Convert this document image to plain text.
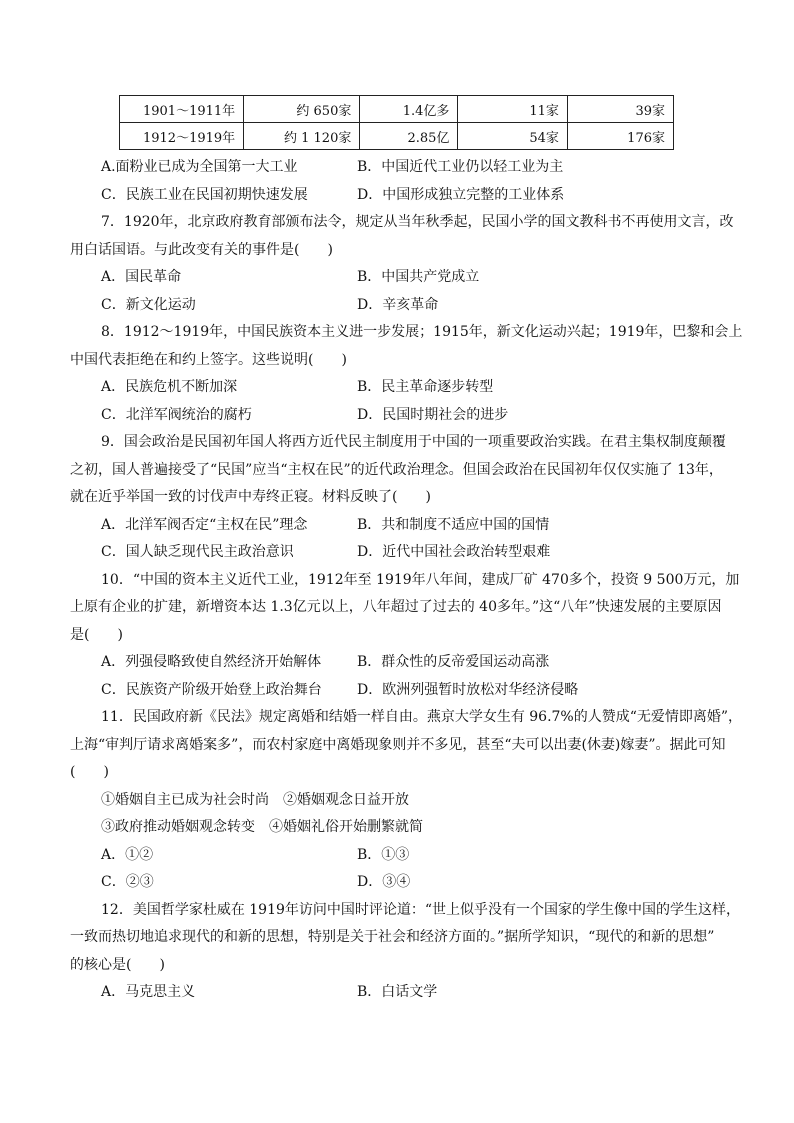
1901～1911年	约 650家	1.4亿多	11家	39家
1912～1919年	约 1 120家	2.85亿	54家	176家
A.面粉业已成为全国第一大工业	B．中国近代工业仍以轻工业为主
C．民族工业在民国初期快速发展	D．中国形成独立完整的工业体系
7．1920年，北京政府教育部颁布法令，规定从当年秋季起，民国小学的国文教科书不再使用文言，改
用白话国语。与此改变有关的事件是(　　)
A．国民革命	B．中国共产党成立
C．新文化运动	D．辛亥革命
8．1912～1919年，中国民族资本主义进一步发展；1915年，新文化运动兴起；1919年，巴黎和会上
中国代表拒绝在和约上签字。这些说明(　　)
A．民族危机不断加深	B．民主革命逐步转型
C．北洋军阀统治的腐朽	D．民国时期社会的进步
9．国会政治是民国初年国人将西方近代民主制度用于中国的一项重要政治实践。在君主集权制度颠覆
之初，国人普遍接受了“民国”应当“主权在民”的近代政治理念。但国会政治在民国初年仅仅实施了 13年，
就在近乎举国一致的讨伐声中寿终正寝。材料反映了(　　)
A．北洋军阀否定“主权在民”理念	B．共和制度不适应中国的国情
C．国人缺乏现代民主政治意识	D．近代中国社会政治转型艰难
10．“中国的资本主义近代工业，1912年至 1919年八年间，建成厂矿 470多个，投资 9 500万元，加
上原有企业的扩建，新增资本达 1.3亿元以上，八年超过了过去的 40多年。”这“八年”快速发展的主要原因
是(　　)
A．列强侵略致使自然经济开始解体	B．群众性的反帝爱国运动高涨
C．民族资产阶级开始登上政治舞台	D．欧洲列强暂时放松对华经济侵略
11．民国政府新《民法》规定离婚和结婚一样自由。燕京大学女生有 96.7%的人赞成“无爱情即离婚”，
上海“审判厅请求离婚案多”，而农村家庭中离婚现象则并不多见，甚至“夫可以出妻(休妻)嫁妻”。据此可知
(　　)
①婚姻自主已成为社会时尚　②婚姻观念日益开放
③政府推动婚姻观念转变　④婚姻礼俗开始删繁就简
A．①②	B．①③
C．②③	D．③④
12．美国哲学家杜威在 1919年访问中国时评论道：“世上似乎没有一个国家的学生像中国的学生这样，
一致而热切地追求现代的和新的思想，特别是关于社会和经济方面的。”据所学知识，“现代的和新的思想”
的核心是(　　)
A．马克思主义	B．白话文学
